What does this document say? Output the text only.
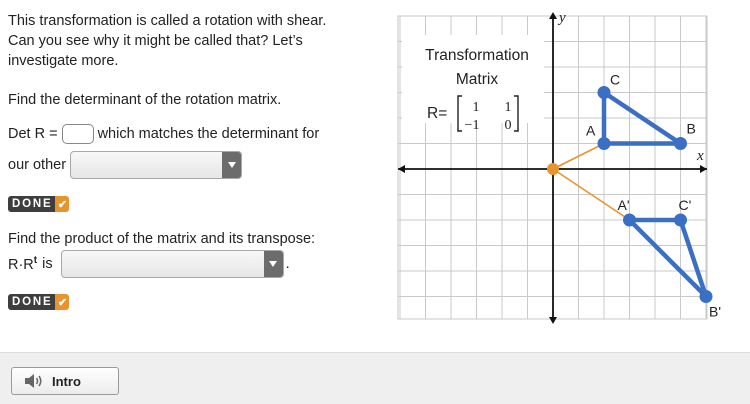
This transformation is called a rotation with shear.
Can you see why it might be called that? Let’s
investigate more.
Find the determinant of the rotation matrix.
Det R =	which matches the determinant for
our other
DONE ✔
Find the product of the matrix and its transpose:
$R\cdot R^t$ is	.
DONE ✔
x
y
A	B
C
A'
B'
C'
Transformation
Matrix
R= 1 1
−1 0
Intro
